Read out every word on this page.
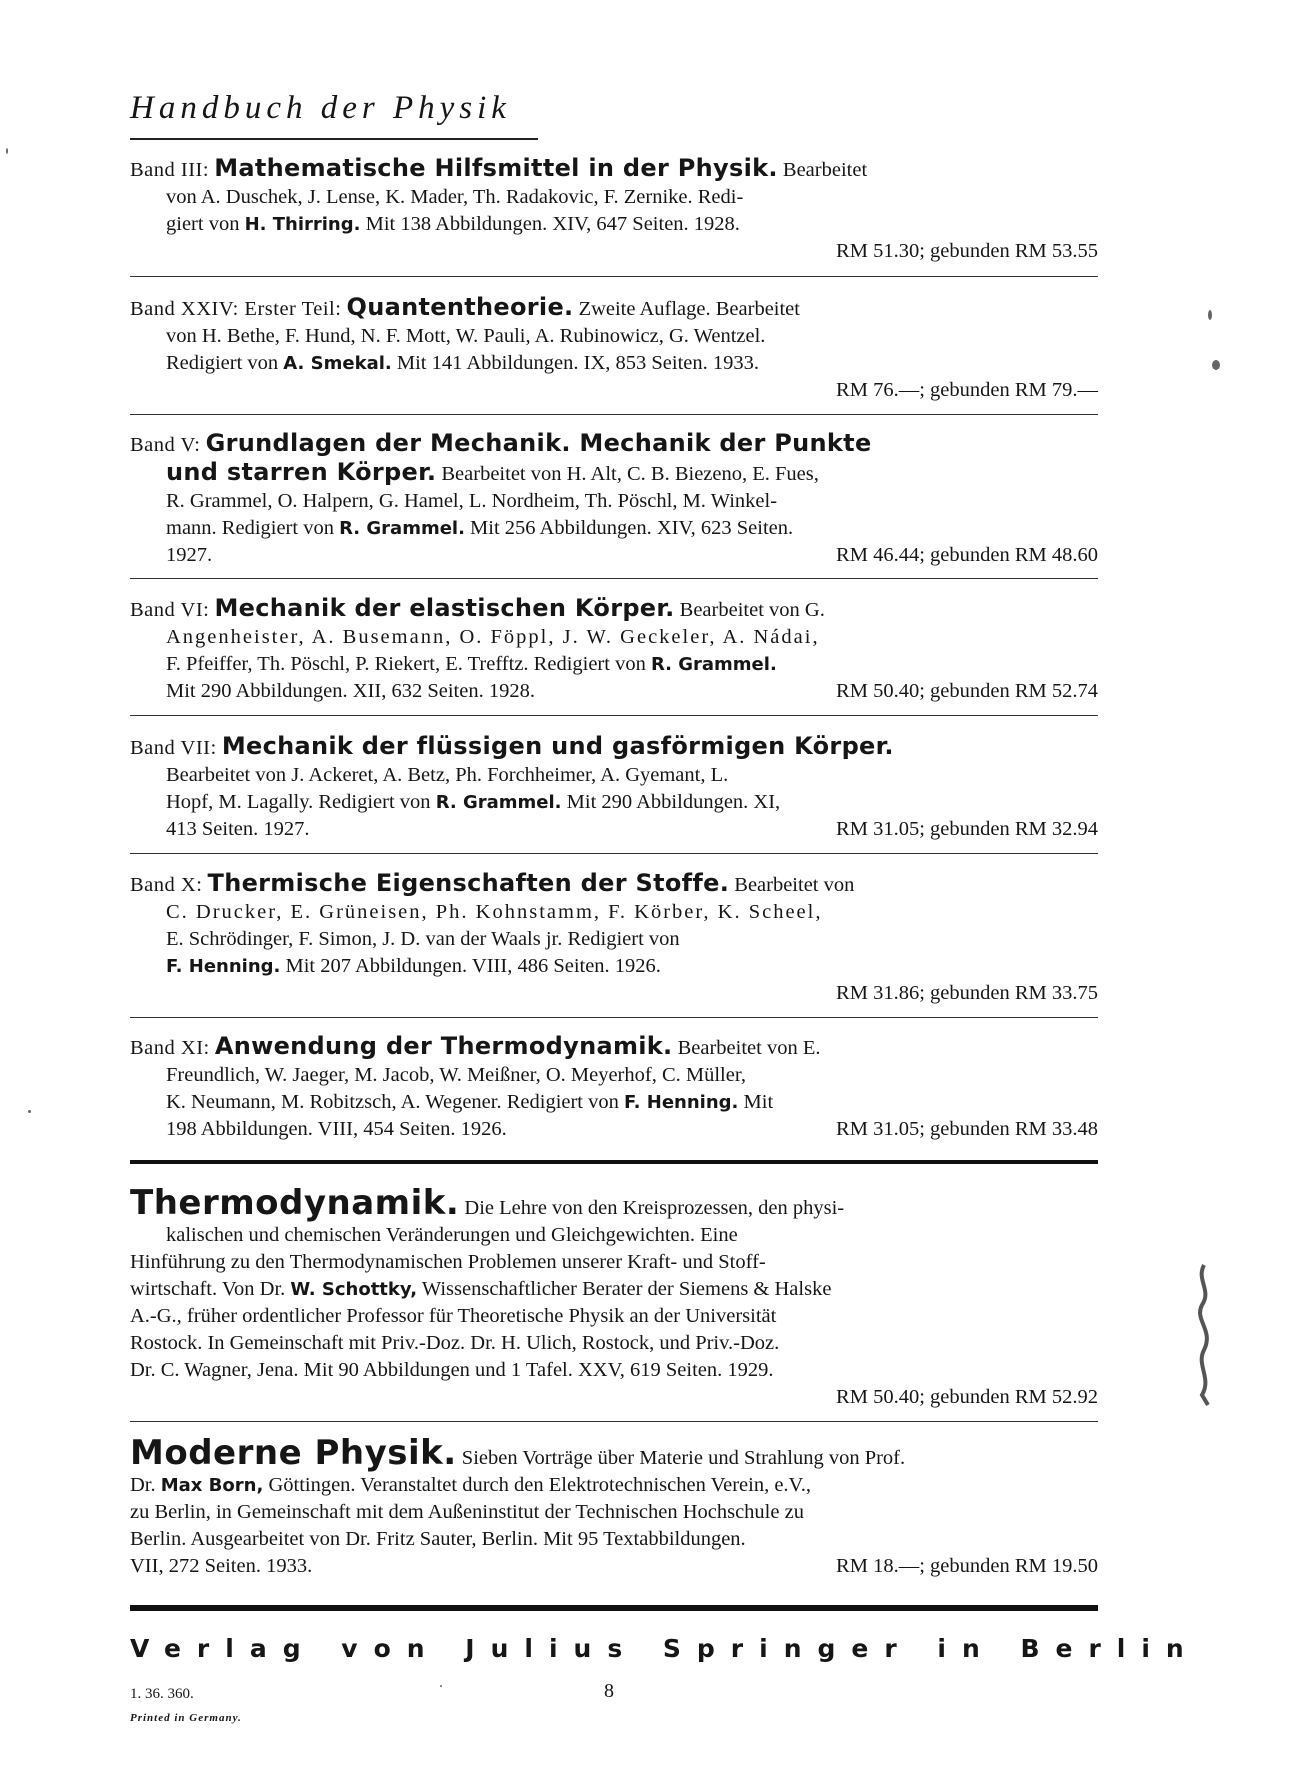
Handbuch der Physik

Band III: Mathematische Hilfsmittel in der Physik. Bearbeitet

von A. Duschek, J. Lense, K. Mader, Th. Radakovic, F. Zernike. Redi-

giert von H. Thirring. Mit 138 Abbildungen. XIV, 647 Seiten. 1928.

RM 51.30; gebunden RM 53.55

Band XXIV: Erster Teil: Quantentheorie. Zweite Auflage. Bearbeitet

von H. Bethe, F. Hund, N. F. Mott, W. Pauli, A. Rubinowicz, G. Wentzel.

Redigiert von A. Smekal. Mit 141 Abbildungen. IX, 853 Seiten. 1933.

RM 76.—; gebunden RM 79.—

Band V: Grundlagen der Mechanik. Mechanik der Punkte

und starren Körper. Bearbeitet von H. Alt, C. B. Biezeno, E. Fues,

R. Grammel, O. Halpern, G. Hamel, L. Nordheim, Th. Pöschl, M. Winkel-

mann. Redigiert von R. Grammel. Mit 256 Abbildungen. XIV, 623 Seiten.

1927.	RM 46.44; gebunden RM 48.60

Band VI: Mechanik der elastischen Körper. Bearbeitet von G.

Angenheister, A. Busemann, O. Föppl, J. W. Geckeler, A. Nádai,

F. Pfeiffer, Th. Pöschl, P. Riekert, E. Trefftz. Redigiert von R. Grammel.

Mit 290 Abbildungen. XII, 632 Seiten. 1928.	RM 50.40; gebunden RM 52.74

Band VII: Mechanik der flüssigen und gasförmigen Körper.

Bearbeitet von J. Ackeret, A. Betz, Ph. Forchheimer, A. Gyemant, L.

Hopf, M. Lagally. Redigiert von R. Grammel. Mit 290 Abbildungen. XI,

413 Seiten. 1927.	RM 31.05; gebunden RM 32.94

Band X: Thermische Eigenschaften der Stoffe. Bearbeitet von

C. Drucker, E. Grüneisen, Ph. Kohnstamm, F. Körber, K. Scheel,

E. Schrödinger, F. Simon, J. D. van der Waals jr. Redigiert von

F. Henning. Mit 207 Abbildungen. VIII, 486 Seiten. 1926.

RM 31.86; gebunden RM 33.75

Band XI: Anwendung der Thermodynamik. Bearbeitet von E.

Freundlich, W. Jaeger, M. Jacob, W. Meißner, O. Meyerhof, C. Müller,

K. Neumann, M. Robitzsch, A. Wegener. Redigiert von F. Henning. Mit

198 Abbildungen. VIII, 454 Seiten. 1926.	RM 31.05; gebunden RM 33.48

Thermodynamik. Die Lehre von den Kreisprozessen, den physi-

kalischen und chemischen Veränderungen und Gleichgewichten. Eine

Hinführung zu den Thermodynamischen Problemen unserer Kraft- und Stoff-

wirtschaft. Von Dr. W. Schottky, Wissenschaftlicher Berater der Siemens & Halske

A.-G., früher ordentlicher Professor für Theoretische Physik an der Universität

Rostock. In Gemeinschaft mit Priv.-Doz. Dr. H. Ulich, Rostock, und Priv.-Doz.

Dr. C. Wagner, Jena. Mit 90 Abbildungen und 1 Tafel. XXV, 619 Seiten. 1929.

RM 50.40; gebunden RM 52.92

Moderne Physik. Sieben Vorträge über Materie und Strahlung von Prof.

Dr. Max Born, Göttingen. Veranstaltet durch den Elektrotechnischen Verein, e.V.,

zu Berlin, in Gemeinschaft mit dem Außeninstitut der Technischen Hochschule zu

Berlin. Ausgearbeitet von Dr. Fritz Sauter, Berlin. Mit 95 Textabbildungen.

VII, 272 Seiten. 1933.	RM 18.—; gebunden RM 19.50

Verlag von Julius Springer in Berlin
1. 36. 360.
Printed in Germany.
8
